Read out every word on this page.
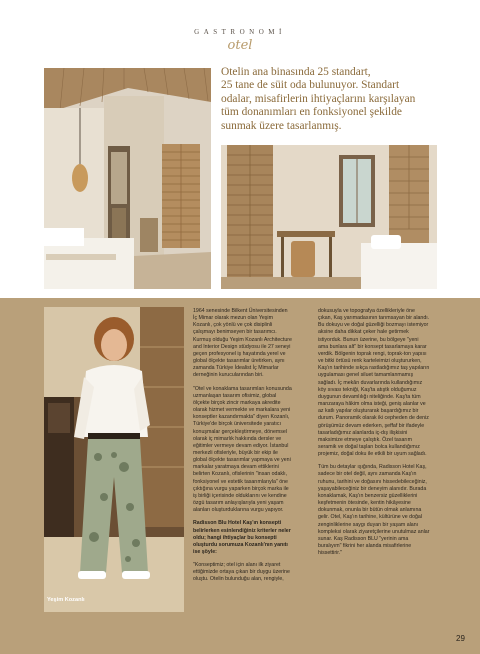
GASTRONOMİ
otel

Otelin ana binasında 25 standart,

25 tane de süit oda bulunuyor. Standart

odalar, misafirlerin ihtiyaçlarını karşılayan

tüm donanımları en fonksiyonel şekilde

sunmak üzere tasarlanmış.

Yeşim Kozanlı

1964 senesinde Bilkent Üniversitesinden İç Mimar olarak mezun olan Yeşim Kozanlı, çok yönlü ve çok disiplinli çalışmayı benimseyen bir tasarımcı. Kurmuş olduğu Yeşim Kozanlı Architecture and Interior Design stüdyosu ile 27 seneyi geçen profesyonel iş hayatında yerel ve global ölçekte tasarımlar üretirken, aynı zamanda Türkiye İdealist İç Mimarlar derneğinin kurucularından biri.

"Otel ve konaklama tasarımları konusunda uzmanlaşan tasarım ofisimiz, global ölçekte birçok zincir markaya akredite olarak hizmet vermekte ve markalara yeni konseptler kazandırmakta" diyen Kozanlı, Türkiye'de birçok üniversitede yaratıcı konuşmalar gerçekleştirmeye, dönemsel olarak iç mimarlık hakkında dersler ve eğitimler vermeye devam ediyor. İstanbul merkezli ofisleriyle, büyük bir ekip ile global ölçekte tasarımlar yapmaya ve yeni markalar yaratmaya devam ettiklerini belirten Kozanlı, ofislerinin "insan odaklı, fonksiyonel ve estetik tasarımlarıyla" öne çıktığına vurgu yaparken birçok marka ile iş birliği içerisinde olduklarını ve kendine özgü tasarım anlayışlarıyla yeni yaşam alanları oluşturduklarına vurgu yapıyor.

Radisson Blu Hotel Kaş'ın konsepti belirlerken esinlendiğiniz kriterler neler oldu; hangi ihtiyaçlar bu konsepti oluşturdu sorumuza Kozanlı'nın yanıtı ise şöyle:

"Konseptimiz; otel için alanı ilk ziyaret ettiğimizde ortaya çıkan bir duygu üzerine oluştu. Otelin bulunduğu alan, rengiyle,

dokusuyla ve topografya özellikleriyle öne çıkan, Kaş yarımadasının tarımsayan bir alandı. Bu dokuyu ve doğal güzelliği bozmayı istemiyor aksine daha dikkat çeker hale getirmek istiyorduk. Bunun üzerine, bu bölgeye "yeni ama bunlara alt" bir konsept tasarlamaya karar verdik. Bölgenin toprak rengi, toprak-ton yapısı ve bitki örtüsü renk karteleimizi oluştururken, Kaş'ın tarihinde sıkça rastladığımız taş yapıların uygulaması genel siluet tamamlanmamış sağladı. İç mekân duvarlarında kullandığımız köy sıvası tekniği, Kaş'ta atıştk olduğumuz duygunun devamlılığı niteliğinde. Kaş'ta tüm manzaraya hâkim olma isteği, geniş alanlar ve az katlı yapılar oluşturarak başardığımız bir durum. Panoramik olarak iki cepheden de deniz görüşümüz devam ederken, şeffaf bir ifadeyle tasarladığımız alanlarda iç-dış ilişkisini maksimize etmeye çalıştık. Özel tasarım seramik ve doğal taşları bolca kullandığımız projemiz, doğal doku ile etkili bir uyum sağladı.

Tüm bu detaylar ışığında, Radisson Hotel Kaş, sadece bir otel değil, aynı zamanda Kaş'ın ruhunu, tarihini ve doğasını hissedebileceğiniz, yaşayabileceğiniz bir deneyim alanıdır. Burada konaklamak, Kaş'ın benzersiz güzelliklerini keşfetmenin ötesinde, kentin hikâyesine dokunmak, onunla bir bütün olmak anlamına gelir. Otel, Kaş'ın tarihine, kültürüne ve doğal zenginliklerine saygı duyan bir yaşam alanı kompleksi olarak ziyaretçilerine unutulmaz anlar sunar. Kaş Radisson BLU "yerinin ama buralıyım" fikrini her alanda misafirlerine hissettirir."

29
